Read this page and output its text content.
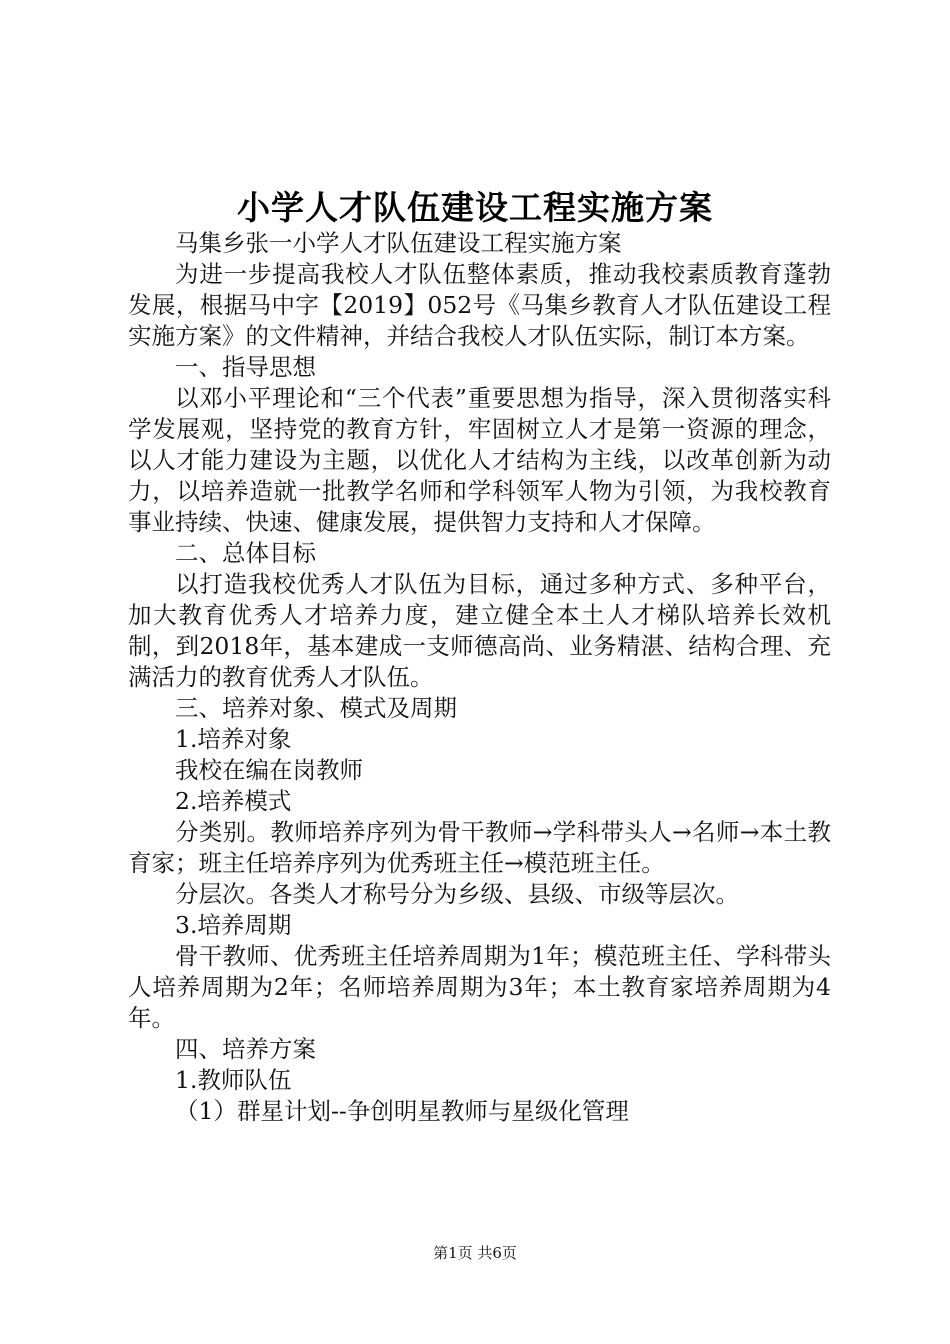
小学人才队伍建设工程实施方案

马集乡张一小学人才队伍建设工程实施方案

为进一步提高我校人才队伍整体素质，推动我校素质教育蓬勃发展，根据马中字【2019】052号《马集乡教育人才队伍建设工程实施方案》的文件精神，并结合我校人才队伍实际，制订本方案。

一、指导思想

以邓小平理论和“三个代表”重要思想为指导，深入贯彻落实科学发展观，坚持党的教育方针，牢固树立人才是第一资源的理念，以人才能力建设为主题，以优化人才结构为主线，以改革创新为动力，以培养造就一批教学名师和学科领军人物为引领，为我校教育事业持续、快速、健康发展，提供智力支持和人才保障。

二、总体目标

以打造我校优秀人才队伍为目标，通过多种方式、多种平台，加大教育优秀人才培养力度，建立健全本土人才梯队培养长效机制，到2018年，基本建成一支师德高尚、业务精湛、结构合理、充满活力的教育优秀人才队伍。

三、培养对象、模式及周期

1.培养对象

我校在编在岗教师

2.培养模式

分类别。教师培养序列为骨干教师→学科带头人→名师→本土教育家；班主任培养序列为优秀班主任→模范班主任。

分层次。各类人才称号分为乡级、县级、市级等层次。

3.培养周期

骨干教师、优秀班主任培养周期为1年；模范班主任、学科带头人培养周期为2年；名师培养周期为3年；本土教育家培养周期为4年。

四、培养方案

1.教师队伍

（1）群星计划--争创明星教师与星级化管理

第1页 共6页
